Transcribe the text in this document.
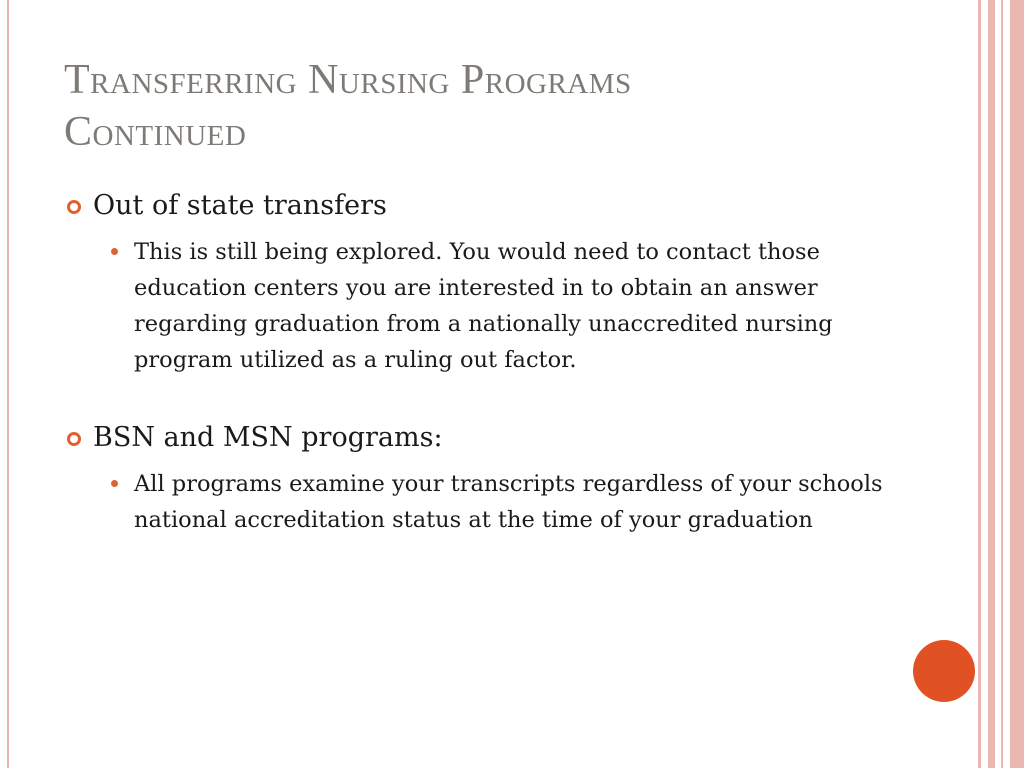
Transferring Nursing Programs
Continued
Out of state transfers
This is still being explored. You would need to contact those education centers you are interested in to obtain an answer regarding graduation from a nationally unaccredited nursing program utilized as a ruling out factor.
BSN and MSN programs:
All programs examine your transcripts regardless of your schools national accreditation status at the time of your graduation
